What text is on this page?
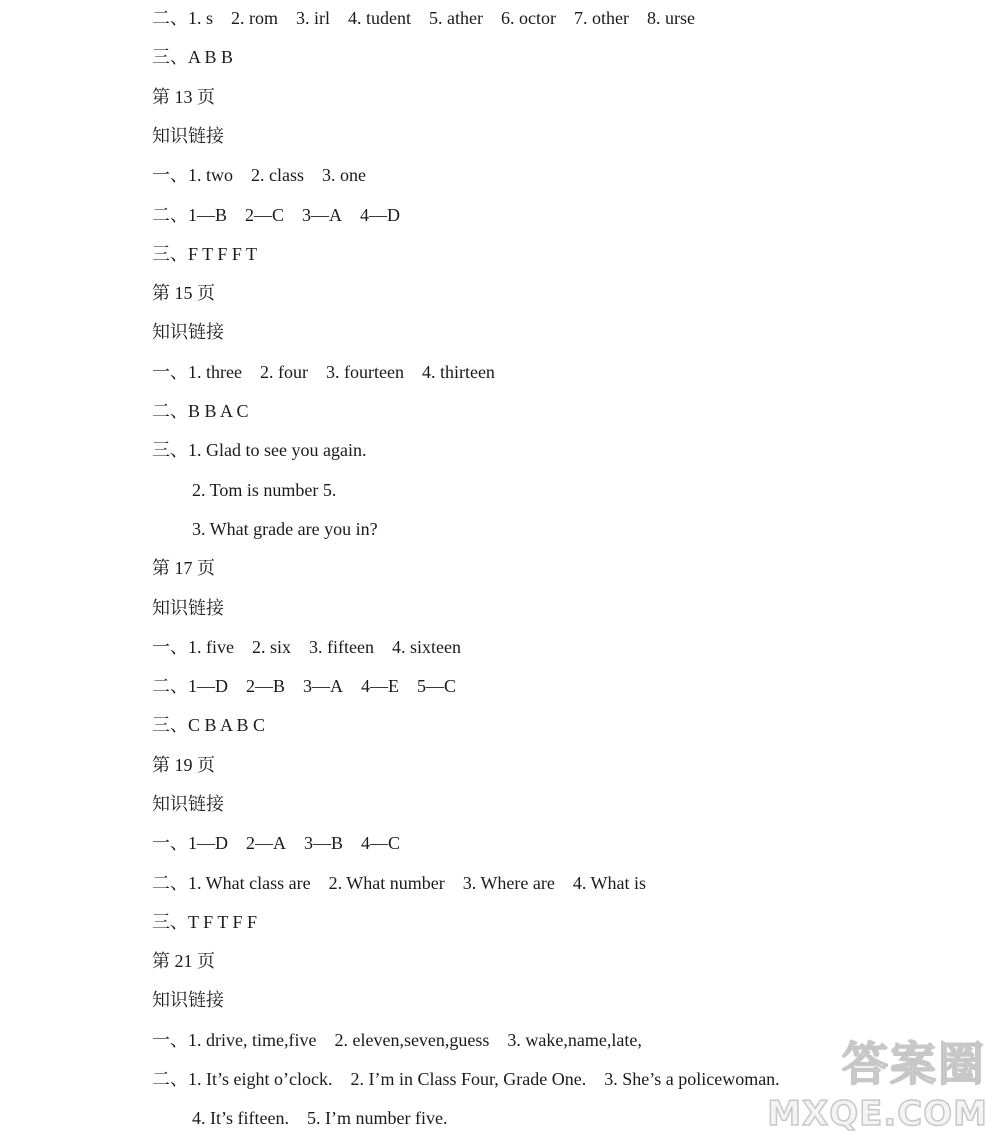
二、1. s 2. rom 3. irl 4. tudent 5. ather 6. octor 7. other 8. urse
三、A B B
第 13 页
知识链接
一、1. two 2. class 3. one
二、1—B 2—C 3—A 4—D
三、F T F F T
第 15 页
知识链接
一、1. three 2. four 3. fourteen 4. thirteen
二、B B A C
三、1. Glad to see you again.
2. Tom is number 5.
3. What grade are you in?
第 17 页
知识链接
一、1. five 2. six 3. fifteen 4. sixteen
二、1—D 2—B 3—A 4—E 5—C
三、C B A B C
第 19 页
知识链接
一、1—D 2—A 3—B 4—C
二、1. What class are 2. What number 3. Where are 4. What is
三、T F T F F
第 21 页
知识链接
一、1. drive, time,five 2. eleven,seven,guess 3. wake,name,late,
二、1. It’s eight o’clock. 2. I’m in Class Four, Grade One. 3. She’s a policewoman.
4. It’s fifteen. 5. I’m number five.
答案圈
MXQE.COM
